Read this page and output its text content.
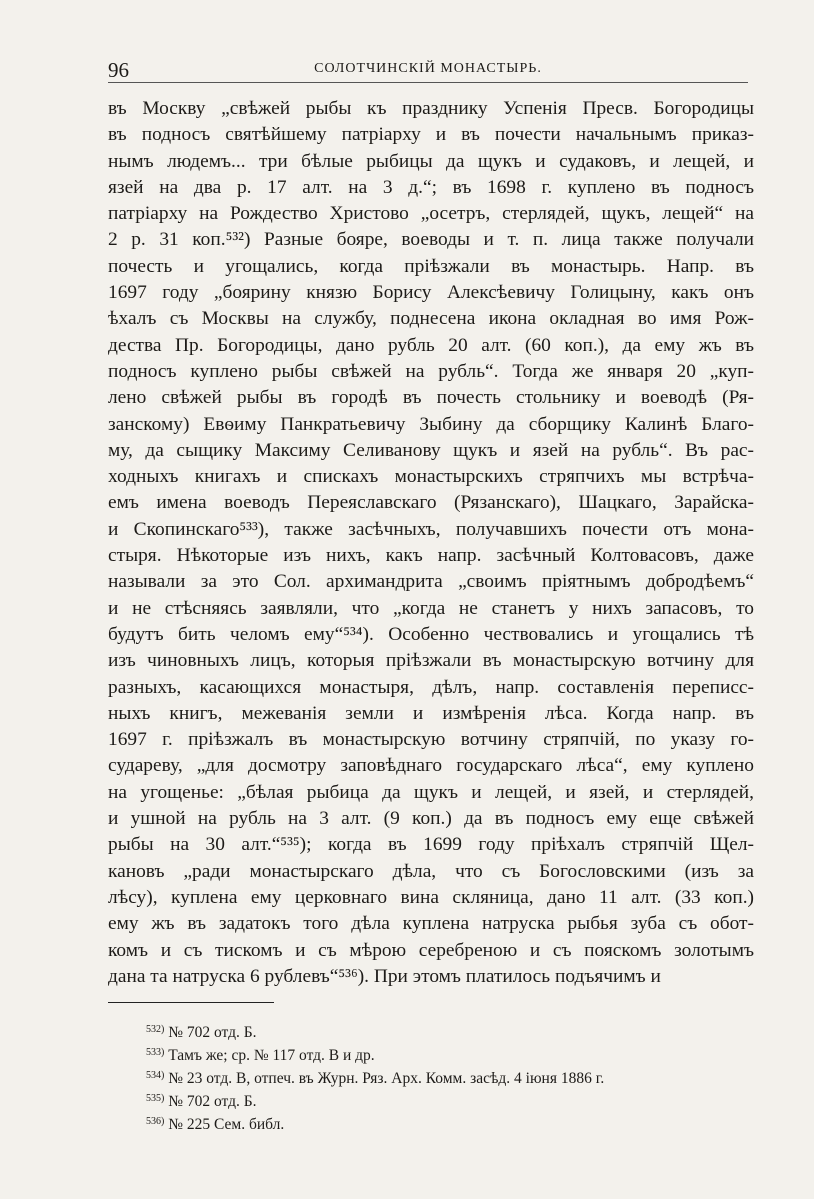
96	СОЛОТЧИНСКІЙ МОНАСТЫРЬ.
въ Москву „свѣжей рыбы къ празднику Успенія Пресв. Богородицы
въ подносъ святѣйшему патріарху и въ почести начальнымъ приказ-
нымъ людемъ... три бѣлые рыбицы да щукъ и судаковъ, и лещей, и
язей на два р. 17 алт. на 3 д.“; въ 1698 г. куплено въ подносъ
патріарху на Рождество Христово „осетръ, стерлядей, щукъ, лещей“ на
2 р. 31 коп.⁵³²) Разные бояре, воеводы и т. п. лица также получали
почесть и угощались, когда пріѣзжали въ монастырь. Напр. въ
1697 году „боярину князю Борису Алексѣевичу Голицыну, какъ онъ
ѣхалъ съ Москвы на службу, поднесена икона окладная во имя Рож-
дества Пр. Богородицы, дано рубль 20 алт. (60 коп.), да ему жъ въ
подносъ куплено рыбы свѣжей на рубль“. Тогда же января 20 „куп-
лено свѣжей рыбы въ городѣ въ почесть стольнику и воеводѣ (Ря-
занскому) Евѳиму Панкратьевичу Зыбину да сборщику Калинѣ Благо-
му, да сыщику Максиму Селиванову щукъ и язей на рубль“. Въ рас-
ходныхъ книгахъ и спискахъ монастырскихъ стряпчихъ мы встрѣча-
емъ имена воеводъ Переяславскаго (Рязанскаго), Шацкаго, Зарайска-
и Скопинскаго⁵³³), также засѣчныхъ, получавшихъ почести отъ мона-
стыря. Нѣкоторые изъ нихъ, какъ напр. засѣчный Колтовасовъ, даже
называли за это Сол. архимандрита „своимъ пріятнымъ добродѣемъ“
и не стѣсняясь заявляли, что „когда не станетъ у нихъ запасовъ, то
будутъ бить челомъ ему“⁵³⁴). Особенно чествовались и угощались тѣ
изъ чиновныхъ лицъ, которыя пріѣзжали въ монастырскую вотчину для
разныхъ, касающихся монастыря, дѣлъ, напр. составленія переписс-
ныхъ книгъ, межеванія земли и измѣренія лѣса. Когда напр. въ
1697 г. пріѣзжалъ въ монастырскую вотчину стряпчій, по указу го-
судареву, „для досмотру заповѣднаго государскаго лѣса“, ему куплено
на угощенье: „бѣлая рыбица да щукъ и лещей, и язей, и стерлядей,
и ушной на рубль на 3 алт. (9 коп.) да въ подносъ ему еще свѣжей
рыбы на 30 алт.“⁵³⁵); когда въ 1699 году пріѣхалъ стряпчій Щел-
кановъ „ради монастырскаго дѣла, что съ Богословскими (изъ за
лѣсу), куплена ему церковнаго вина скляница, дано 11 алт. (33 коп.)
ему жъ въ задатокъ того дѣла куплена натруска рыбья зуба съ обот-
комъ и съ тискомъ и съ мѣрою серебреною и съ пояскомъ золотымъ
дана та натруска 6 рублевъ“⁵³⁶). При этомъ платилось подъячимъ и
$^{532)}$ № 702 отд. Б.
$^{533)}$ Тамъ же; ср. № 117 отд. В и др.
$^{534)}$ № 23 отд. В, отпеч. въ Журн. Ряз. Арх. Комм. засѣд. 4 іюня 1886 г.
$^{535)}$ № 702 отд. Б.
$^{536)}$ № 225 Сем. библ.
